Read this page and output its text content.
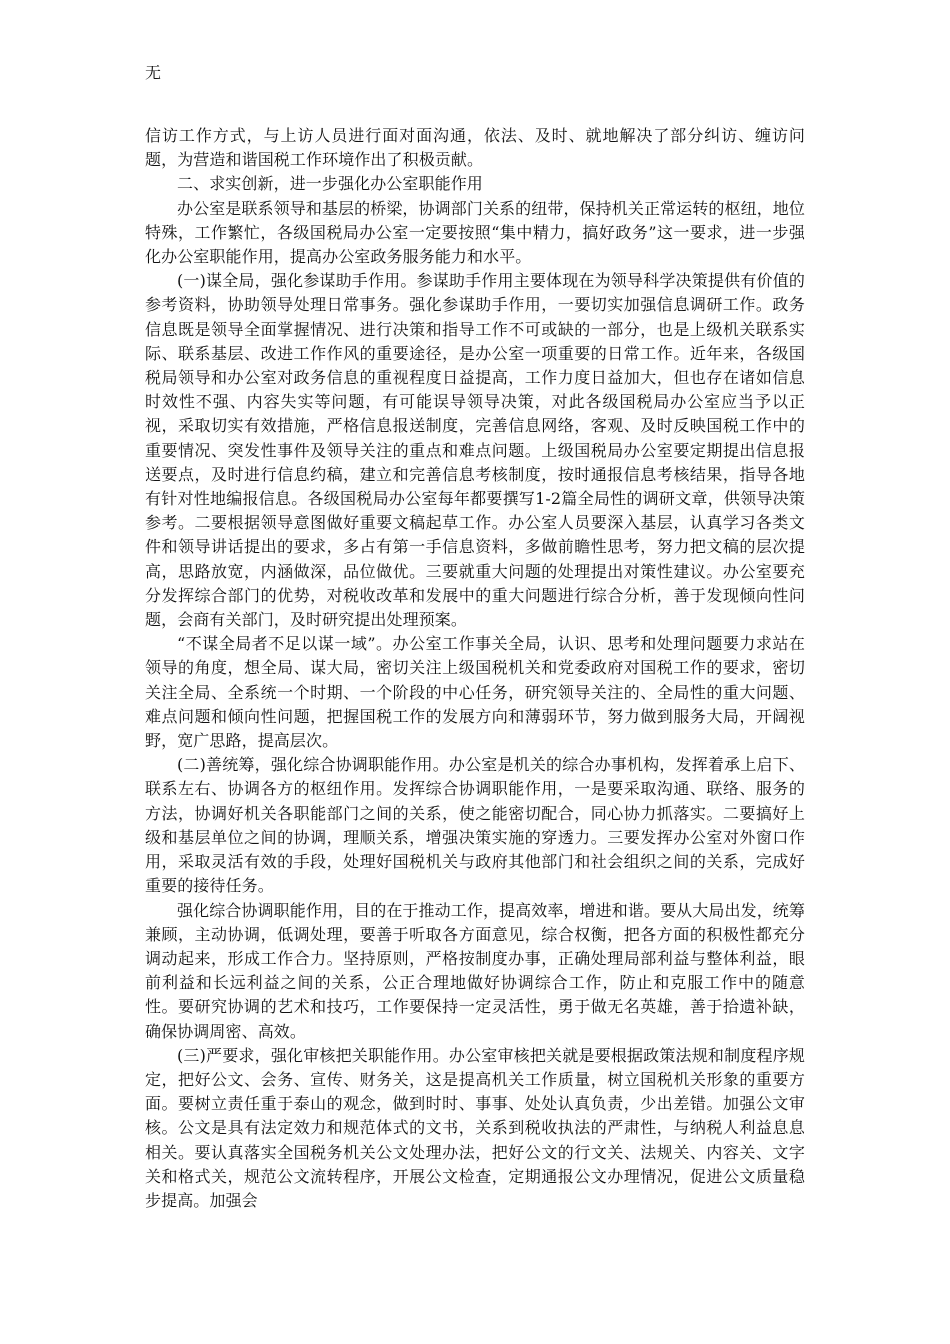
无

信访工作方式，与上访人员进行面对面沟通，依法、及时、就地解决了部分纠访、缠访问题，为营造和谐国税工作环境作出了积极贡献。

二、求实创新，进一步强化办公室职能作用

办公室是联系领导和基层的桥梁，协调部门关系的纽带，保持机关正常运转的枢纽，地位特殊，工作繁忙，各级国税局办公室一定要按照“集中精力，搞好政务”这一要求，进一步强化办公室职能作用，提高办公室政务服务能力和水平。

(一)谋全局，强化参谋助手作用。参谋助手作用主要体现在为领导科学决策提供有价值的参考资料，协助领导处理日常事务。强化参谋助手作用，一要切实加强信息调研工作。政务信息既是领导全面掌握情况、进行决策和指导工作不可或缺的一部分，也是上级机关联系实际、联系基层、改进工作作风的重要途径，是办公室一项重要的日常工作。近年来，各级国税局领导和办公室对政务信息的重视程度日益提高，工作力度日益加大，但也存在诸如信息时效性不强、内容失实等问题，有可能误导领导决策，对此各级国税局办公室应当予以正视，采取切实有效措施，严格信息报送制度，完善信息网络，客观、及时反映国税工作中的重要情况、突发性事件及领导关注的重点和难点问题。上级国税局办公室要定期提出信息报送要点，及时进行信息约稿，建立和完善信息考核制度，按时通报信息考核结果，指导各地有针对性地编报信息。各级国税局办公室每年都要撰写1-2篇全局性的调研文章，供领导决策参考。二要根据领导意图做好重要文稿起草工作。办公室人员要深入基层，认真学习各类文件和领导讲话提出的要求，多占有第一手信息资料，多做前瞻性思考，努力把文稿的层次提高，思路放宽，内涵做深，品位做优。三要就重大问题的处理提出对策性建议。办公室要充分发挥综合部门的优势，对税收改革和发展中的重大问题进行综合分析，善于发现倾向性问题，会商有关部门，及时研究提出处理预案。

“不谋全局者不足以谋一域”。办公室工作事关全局，认识、思考和处理问题要力求站在领导的角度，想全局、谋大局，密切关注上级国税机关和党委政府对国税工作的要求，密切关注全局、全系统一个时期、一个阶段的中心任务，研究领导关注的、全局性的重大问题、难点问题和倾向性问题，把握国税工作的发展方向和薄弱环节，努力做到服务大局，开阔视野，宽广思路，提高层次。

(二)善统筹，强化综合协调职能作用。办公室是机关的综合办事机构，发挥着承上启下、联系左右、协调各方的枢纽作用。发挥综合协调职能作用，一是要采取沟通、联络、服务的方法，协调好机关各职能部门之间的关系，使之能密切配合，同心协力抓落实。二要搞好上级和基层单位之间的协调，理顺关系，增强决策实施的穿透力。三要发挥办公室对外窗口作用，采取灵活有效的手段，处理好国税机关与政府其他部门和社会组织之间的关系，完成好重要的接待任务。

强化综合协调职能作用，目的在于推动工作，提高效率，增进和谐。要从大局出发，统筹兼顾，主动协调，低调处理，要善于听取各方面意见，综合权衡，把各方面的积极性都充分调动起来，形成工作合力。坚持原则，严格按制度办事，正确处理局部利益与整体利益，眼前利益和长远利益之间的关系，公正合理地做好协调综合工作，防止和克服工作中的随意性。要研究协调的艺术和技巧，工作要保持一定灵活性，勇于做无名英雄，善于拾遗补缺，确保协调周密、高效。

(三)严要求，强化审核把关职能作用。办公室审核把关就是要根据政策法规和制度程序规定，把好公文、会务、宣传、财务关，这是提高机关工作质量，树立国税机关形象的重要方面。要树立责任重于泰山的观念，做到时时、事事、处处认真负责，少出差错。加强公文审核。公文是具有法定效力和规范体式的文书，关系到税收执法的严肃性，与纳税人利益息息相关。要认真落实全国税务机关公文处理办法，把好公文的行文关、法规关、内容关、文字关和格式关，规范公文流转程序，开展公文检查，定期通报公文办理情况，促进公文质量稳步提高。加强会
